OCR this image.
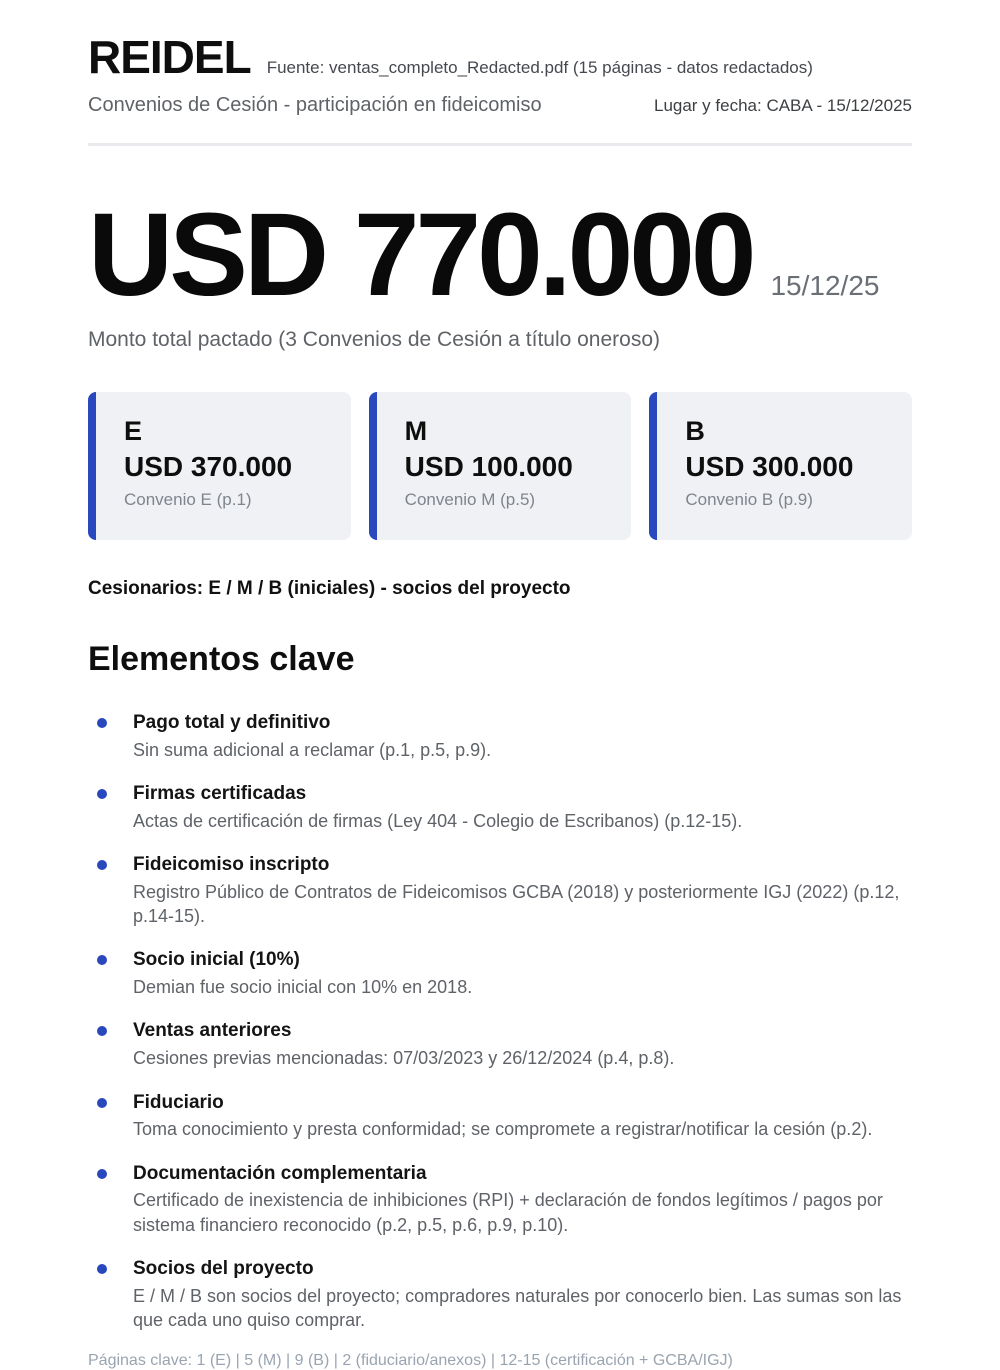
REIDEL Fuente: ventas_completo_Redacted.pdf (15 páginas - datos redactados)
Convenios de Cesión - participación en fideicomiso	Lugar y fecha: CABA - 15/12/2025
USD 770.000 15/12/25
Monto total pactado (3 Convenios de Cesión a título oneroso)
E
USD 370.000
Convenio E (p.1)
M
USD 100.000
Convenio M (p.5)
B
USD 300.000
Convenio B (p.9)
Cesionarios: E / M / B (iniciales) - socios del proyecto
Elementos clave
Pago total y definitivo
Sin suma adicional a reclamar (p.1, p.5, p.9).
Firmas certificadas
Actas de certificación de firmas (Ley 404 - Colegio de Escribanos) (p.12-15).
Fideicomiso inscripto
Registro Público de Contratos de Fideicomisos GCBA (2018) y posteriormente IGJ (2022) (p.12, p.14-15).
Socio inicial (10%)
Demian fue socio inicial con 10% en 2018.
Ventas anteriores
Cesiones previas mencionadas: 07/03/2023 y 26/12/2024 (p.4, p.8).
Fiduciario
Toma conocimiento y presta conformidad; se compromete a registrar/notificar la cesión (p.2).
Documentación complementaria
Certificado de inexistencia de inhibiciones (RPI) + declaración de fondos legítimos / pagos por sistema financiero reconocido (p.2, p.5, p.6, p.9, p.10).
Socios del proyecto
E / M / B son socios del proyecto; compradores naturales por conocerlo bien. Las sumas son las que cada uno quiso comprar.
Páginas clave: 1 (E) | 5 (M) | 9 (B) | 2 (fiduciario/anexos) | 12-15 (certificación + GCBA/IGJ)
